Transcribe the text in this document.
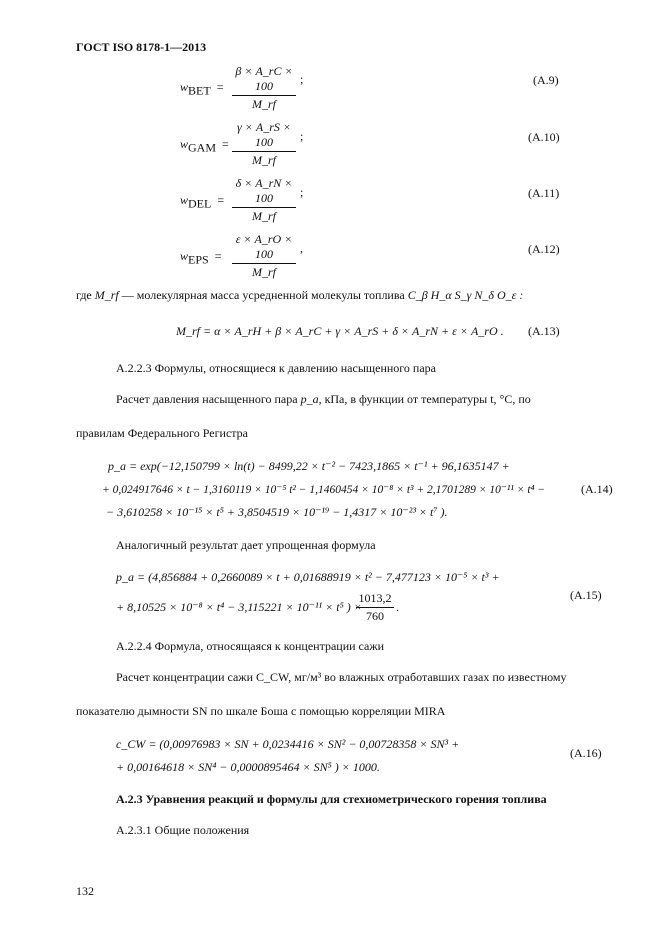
ГОСТ ISO 8178-1—2013
$w_{BET} = \frac{\beta \times A\_rC \times 100}{M\_rf}$ ;	(A.9)
$w_{GAM} = \frac{\gamma \times A\_rS \times 100}{M\_rf}$ ;	(A.10)
$w_{DEL} = \frac{\delta \times A\_rN \times 100}{M\_rf}$ ;	(A.11)
$w_{EPS} = \frac{\varepsilon \times A\_rO \times 100}{M\_rf}$ ,	(A.12)
где M_rf — молекулярная масса усредненной молекулы топлива C_β H_α S_γ N_δ O_ε :
M_rf = α × A_rH + β × A_rC + γ × A_rS + δ × A_rN + ε × A_rO . (A.13)
А.2.2.3 Формулы, относящиеся к давлению насыщенного пара
Расчет давления насыщенного пара p_a, кПа, в функции от температуры t, °С, по
правилам Федерального Регистра
p_a = exp(−12,150799 × ln(t) − 8499,22 × t⁻² − 7423,1865 × t⁻¹ + 96,1635147 +
+ 0,024917646 × t − 1,3160119 × 10⁻⁵ t² − 1,1460454 × 10⁻⁸ × t³ + 2,1701289 × 10⁻¹¹ × t⁴ −	(A.14)
− 3,610258 × 10⁻¹⁵ × t⁵ + 3,8504519 × 10⁻¹⁹ − 1,4317 × 10⁻²³ × t⁷ ).
Аналогичный результат дает упрощенная формула
p_a = (4,856884 + 0,2660089 × t + 0,01688919 × t² − 7,477123 × 10⁻⁵ × t³ +
+ 8,10525 × 10⁻⁸ × t⁴ − 3,115221 × 10⁻¹¹ × t⁵ ) ×
$\frac{1013,2}{760}$ .
(A.15)
А.2.2.4 Формула, относящаяся к концентрации сажи
Расчет концентрации сажи C_CW, мг/м³ во влажных отработавших газах по известному
показателю дымности SN по шкале Боша с помощью корреляции MIRA
c_CW = (0,00976983 × SN + 0,0234416 × SN² − 0,00728358 × SN³ +
+ 0,00164618 × SN⁴ − 0,0000895464 × SN⁵ ) × 1000.
(A.16)
А.2.3 Уравнения реакций и формулы для стехиометрического горения топлива
А.2.3.1 Общие положения
132
